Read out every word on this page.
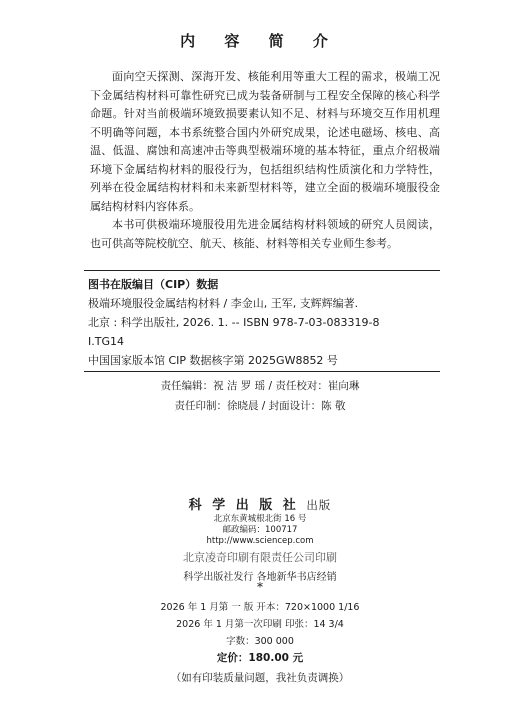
内 容 简 介

面向空天探测、深海开发、核能利用等重大工程的需求，极端工况下金属结构材料可靠性研究已成为装备研制与工程安全保障的核心科学命题。针对当前极端环境致损要素认知不足、材料与环境交互作用机理不明确等问题，本书系统整合国内外研究成果，论述电磁场、核电、高温、低温、腐蚀和高速冲击等典型极端环境的基本特征，重点介绍极端环境下金属结构材料的服役行为，包括组织结构性质演化和力学特性，列举在役金属结构材料和未来新型材料等，建立全面的极端环境服役金属结构材料内容体系。

本书可供极端环境服役用先进金属结构材料领域的研究人员阅读，也可供高等院校航空、航天、核能、材料等相关专业师生参考。

图书在版编目（CIP）数据
极端环境服役金属结构材料 / 李金山, 王军, 支辉辉编著.
北京 : 科学出版社, 2026. 1. -- ISBN 978-7-03-083319-8
Ⅰ.TG14
中国国家版本馆 CIP 数据核字第 2025GW8852 号
责任编辑：祝 洁 罗 瑶 / 责任校对：崔向琳
责任印制：徐晓晨 / 封面设计：陈 敬
科 学 出 版 社 出版
北京东黄城根北街 16 号
邮政编码：100717
http://www.sciencep.com
北京凌奇印刷有限责任公司印刷
科学出版社发行 各地新华书店经销
*
2026 年 1 月第 一 版 开本：720×1000 1/16
2026 年 1 月第一次印刷 印张：14 3/4
字数：300 000
定价：180.00 元
（如有印装质量问题，我社负责调换）
